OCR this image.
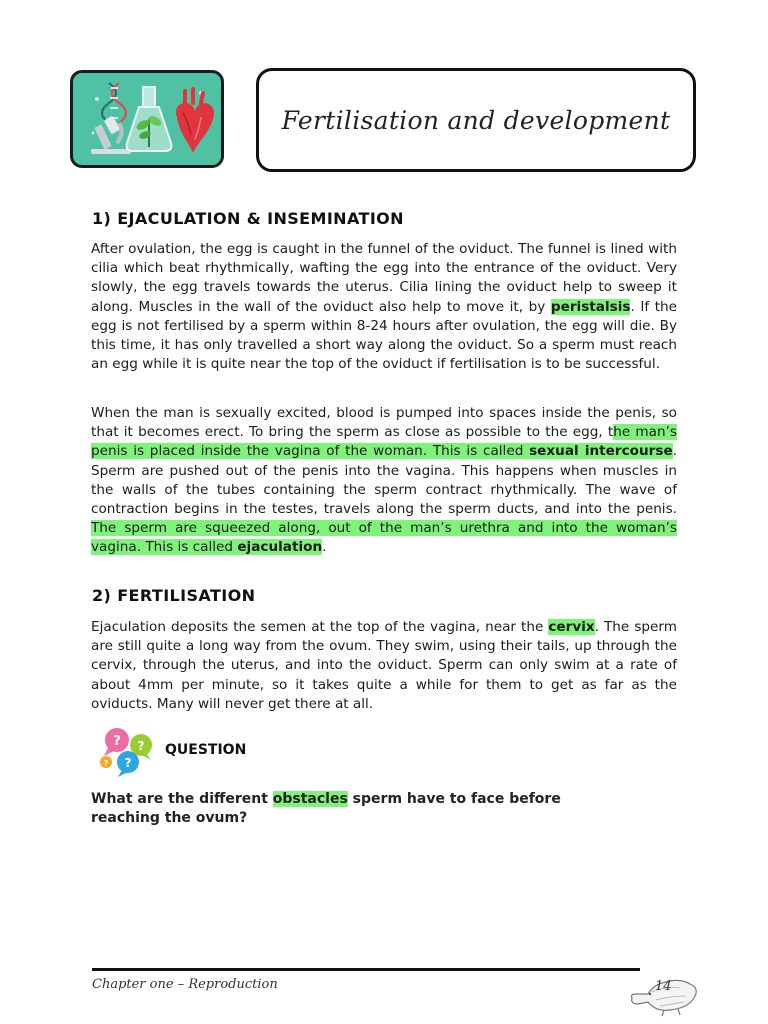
Fertilisation and development
1) EJACULATION & INSEMINATION

After ovulation, the egg is caught in the funnel of the oviduct. The funnel is lined with cilia which beat rhythmically, wafting the egg into the entrance of the oviduct. Very slowly, the egg travels towards the uterus. Cilia lining the oviduct help to sweep it along. Muscles in the wall of the oviduct also help to move it, by peristalsis. If the egg is not fertilised by a sperm within 8-24 hours after ovulation, the egg will die. By this time, it has only travelled a short way along the oviduct. So a sperm must reach an egg while it is quite near the top of the oviduct if fertilisation is to be successful.

When the man is sexually excited, blood is pumped into spaces inside the penis, so that it becomes erect. To bring the sperm as close as possible to the egg, the man’s penis is placed inside the vagina of the woman. This is called sexual intercourse. Sperm are pushed out of the penis into the vagina. This happens when muscles in the walls of the tubes containing the sperm contract rhythmically. The wave of contraction begins in the testes, travels along the sperm ducts, and into the penis. The sperm are squeezed along, out of the man’s urethra and into the woman’s vagina. This is called ejaculation.

2) FERTILISATION

Ejaculation deposits the semen at the top of the vagina, near the cervix. The sperm are still quite a long way from the ovum. They swim, using their tails, up through the cervix, through the uterus, and into the oviduct. Sperm can only swim at a rate of about 4mm per minute, so it takes quite a while for them to get as far as the oviducts. Many will never get there at all.

? ?
?
?
QUESTION

What are the different obstacles sperm have to face before reaching the ovum?

Chapter one – Reproduction	14
